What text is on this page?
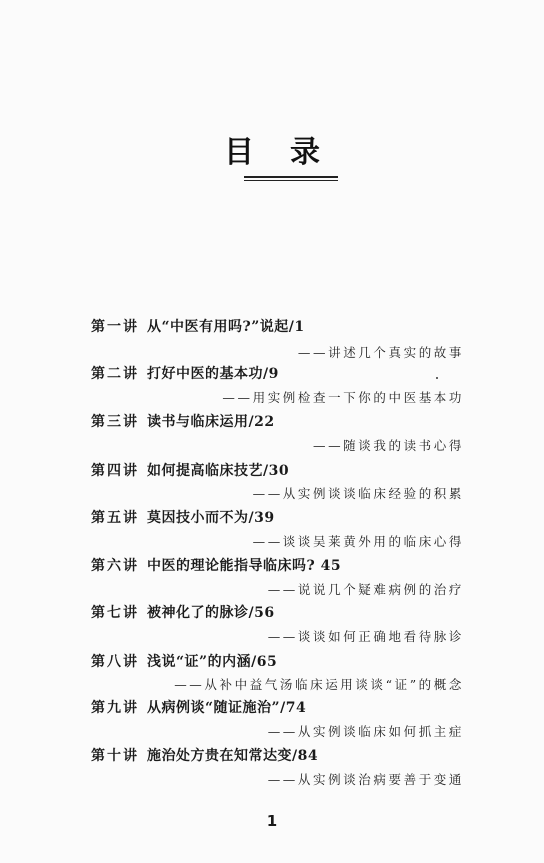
目录
第一讲 从“中医有用吗?”说起/1
——讲述几个真实的故事
第二讲 打好中医的基本功/9
——用实例检查一下你的中医基本功
第三讲 读书与临床运用/22
——随谈我的读书心得
第四讲 如何提高临床技艺/30
——从实例谈谈临床经验的积累
第五讲 莫因技小而不为/39
——谈谈吴莱黄外用的临床心得
第六讲 中医的理论能指导临床吗? 45
——说说几个疑难病例的治疗
第七讲 被神化了的脉诊/56
——谈谈如何正确地看待脉诊
第八讲 浅说“证”的内涵/65
——从补中益气汤临床运用谈谈“证”的概念
第九讲 从病例谈“随证施治”/74
——从实例谈临床如何抓主症
第十讲 施治处方贵在知常达变/84
——从实例谈治病要善于变通
1
